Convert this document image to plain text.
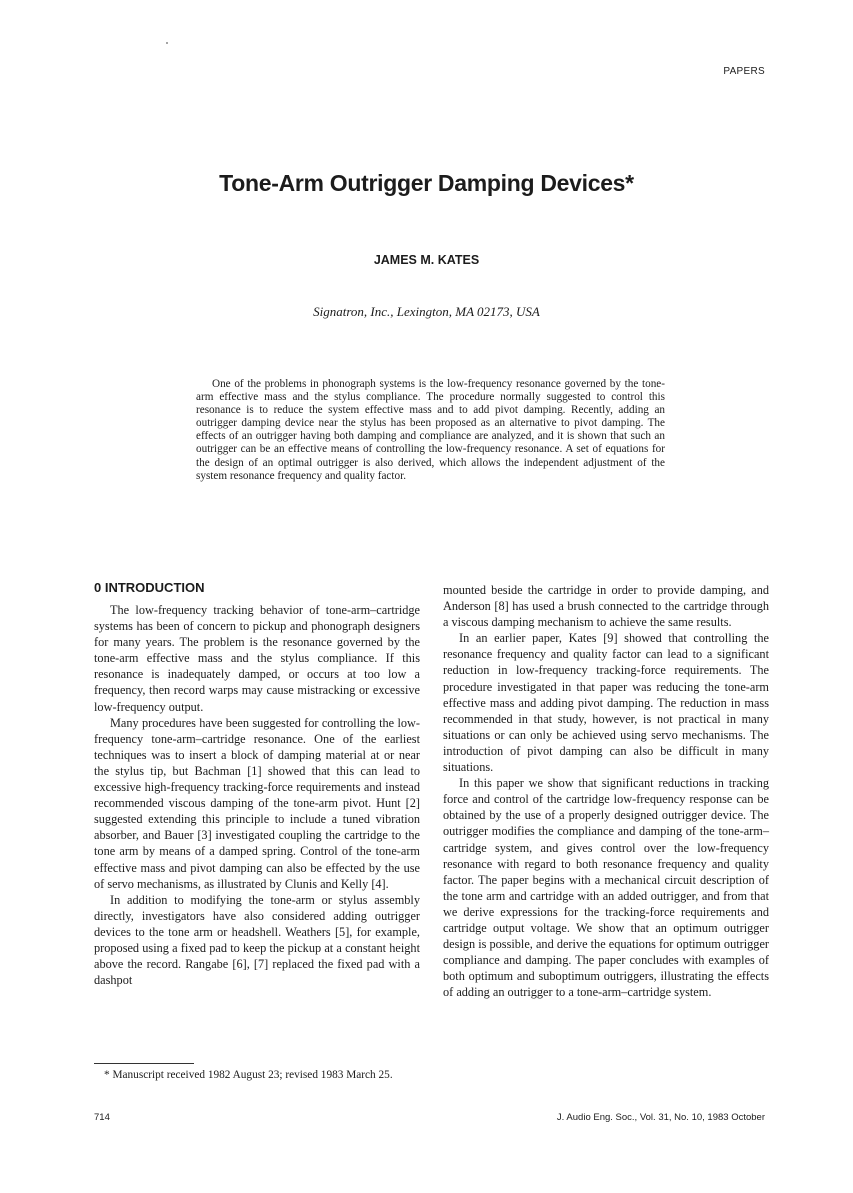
PAPERS
Tone-Arm Outrigger Damping Devices*
JAMES M. KATES
Signatron, Inc., Lexington, MA 02173, USA
One of the problems in phonograph systems is the low-frequency resonance governed by the tone-arm effective mass and the stylus compliance. The procedure normally suggested to control this resonance is to reduce the system effective mass and to add pivot damping. Recently, adding an outrigger damping device near the stylus has been proposed as an alternative to pivot damping. The effects of an outrigger having both damping and compliance are analyzed, and it is shown that such an outrigger can be an effective means of controlling the low-frequency resonance. A set of equations for the design of an optimal outrigger is also derived, which allows the independent adjustment of the system resonance frequency and quality factor.
0 INTRODUCTION

The low-frequency tracking behavior of tone-arm–cartridge systems has been of concern to pickup and phonograph designers for many years. The problem is the resonance governed by the tone-arm effective mass and the stylus compliance. If this resonance is inadequately damped, or occurs at too low a frequency, then record warps may cause mistracking or excessive low-frequency output.

Many procedures have been suggested for controlling the low-frequency tone-arm–cartridge resonance. One of the earliest techniques was to insert a block of damping material at or near the stylus tip, but Bachman [1] showed that this can lead to excessive high-frequency tracking-force requirements and instead recommended viscous damping of the tone-arm pivot. Hunt [2] suggested extending this principle to include a tuned vibration absorber, and Bauer [3] investigated coupling the cartridge to the tone arm by means of a damped spring. Control of the tone-arm effective mass and pivot damping can also be effected by the use of servo mechanisms, as illustrated by Clunis and Kelly [4].

In addition to modifying the tone-arm or stylus assembly directly, investigators have also considered adding outrigger devices to the tone arm or headshell. Weathers [5], for example, proposed using a fixed pad to keep the pickup at a constant height above the record. Rangabe [6], [7] replaced the fixed pad with a dashpot

* Manuscript received 1982 August 23; revised 1983 March 25.

mounted beside the cartridge in order to provide damping, and Anderson [8] has used a brush connected to the cartridge through a viscous damping mechanism to achieve the same results.

In an earlier paper, Kates [9] showed that controlling the resonance frequency and quality factor can lead to a significant reduction in low-frequency tracking-force requirements. The procedure investigated in that paper was reducing the tone-arm effective mass and adding pivot damping. The reduction in mass recommended in that study, however, is not practical in many situations or can only be achieved using servo mechanisms. The introduction of pivot damping can also be difficult in many situations.

In this paper we show that significant reductions in tracking force and control of the cartridge low-frequency response can be obtained by the use of a properly designed outrigger device. The outrigger modifies the compliance and damping of the tone-arm–cartridge system, and gives control over the low-frequency resonance with regard to both resonance frequency and quality factor. The paper begins with a mechanical circuit description of the tone arm and cartridge with an added outrigger, and from that we derive expressions for the tracking-force requirements and cartridge output voltage. We show that an optimum outrigger design is possible, and derive the equations for optimum outrigger compliance and damping. The paper concludes with examples of both optimum and suboptimum outriggers, illustrating the effects of adding an outrigger to a tone-arm–cartridge system.

714	J. Audio Eng. Soc., Vol. 31, No. 10, 1983 October
